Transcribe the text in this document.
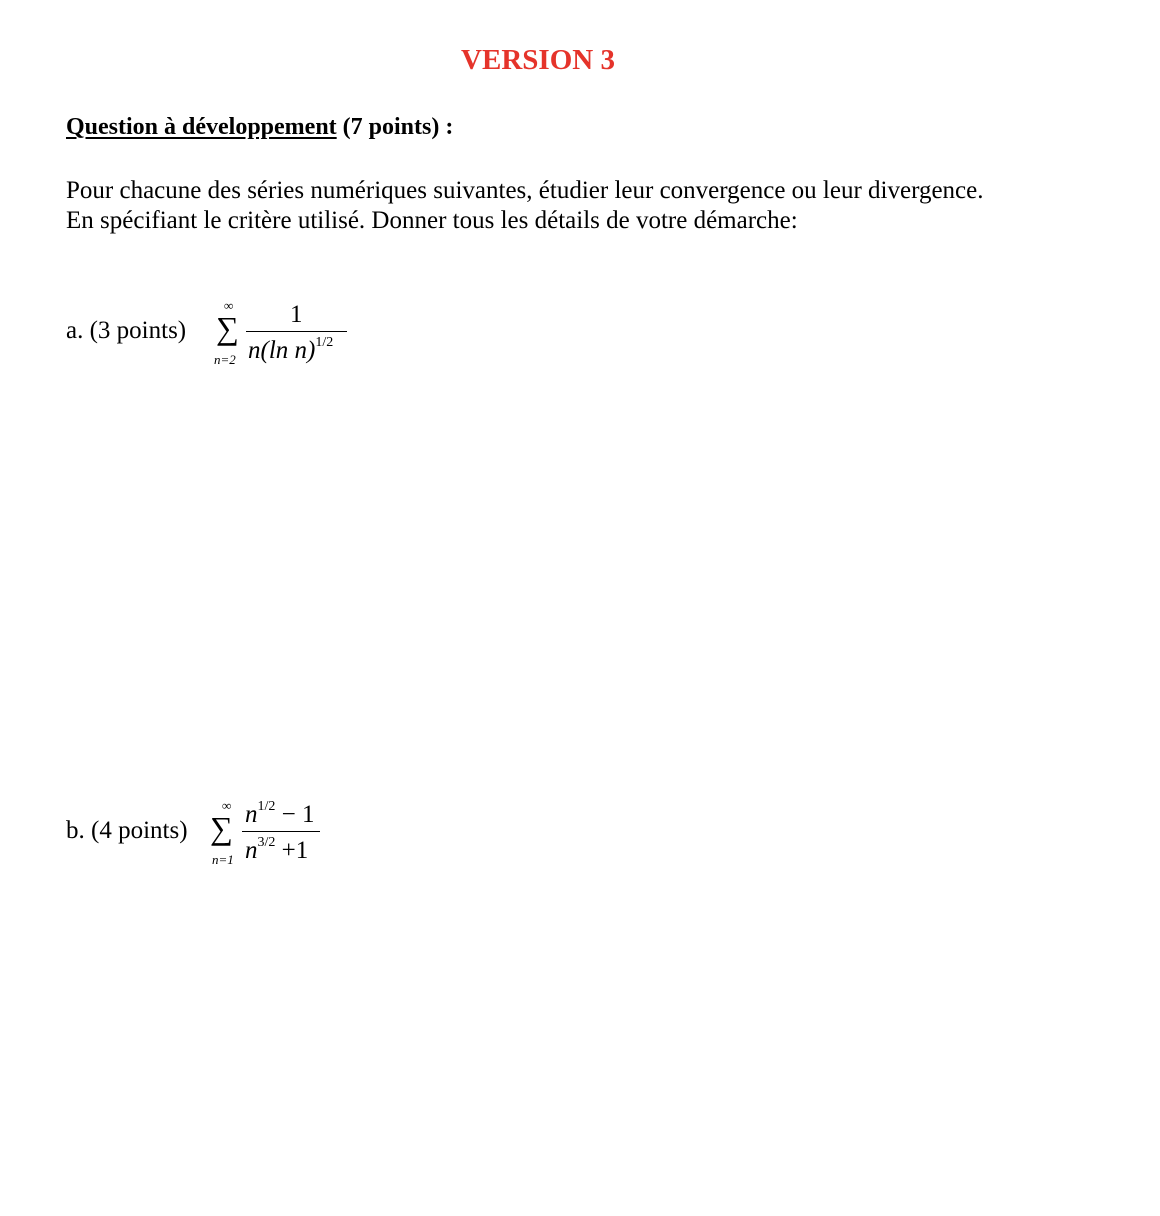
VERSION 3
Question à développement (7 points) :
Pour chacune des séries numériques suivantes, étudier leur convergence ou leur divergence. En spécifiant le critère utilisé. Donner tous les détails de votre démarche:
a. (3 points)
∞
∑
n=2
1
n(ln n)$^{1/2}$
b. (4 points)
∞
∑
n=1
$n^{1/2} - 1$
$n^{3/2} +1$
